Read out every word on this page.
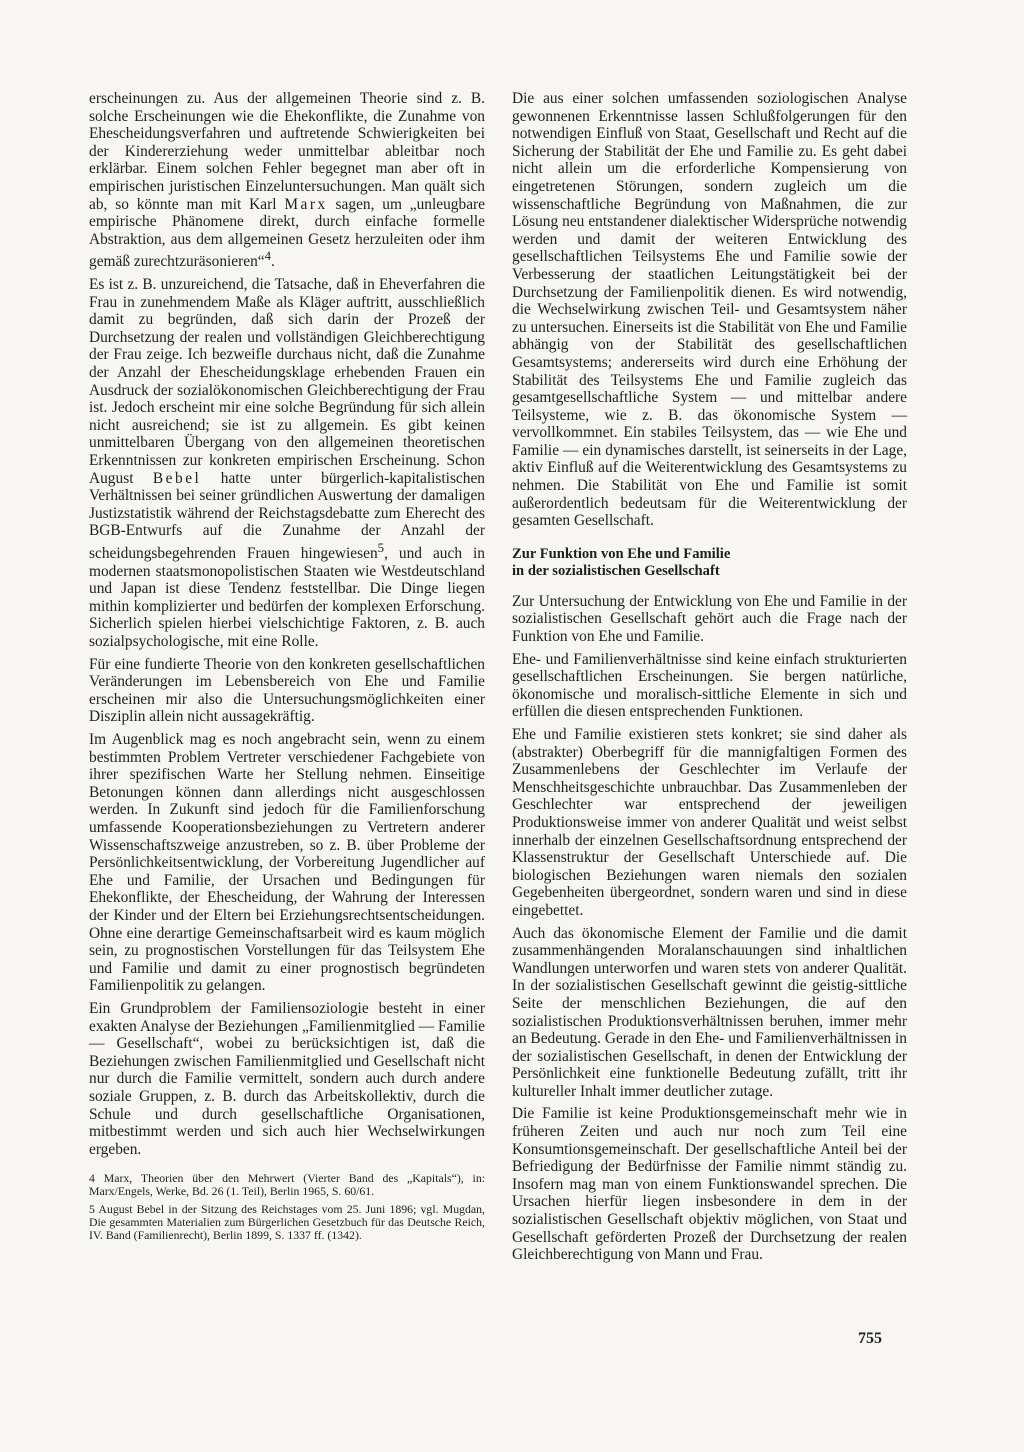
erscheinungen zu. Aus der allgemeinen Theorie sind z. B. solche Erscheinungen wie die Ehekonflikte, die Zunahme von Ehescheidungsverfahren und auftretende Schwierigkeiten bei der Kindererziehung weder unmittelbar ableitbar noch erklärbar. Einem solchen Fehler begegnet man aber oft in empirischen juristischen Einzeluntersuchungen. Man quält sich ab, so könnte man mit Karl Marx sagen, um „unleugbare empirische Phänomene direkt, durch einfache formelle Abstraktion, aus dem allgemeinen Gesetz herzuleiten oder ihm gemäß zurechtzuräsonieren“$^4$.

Es ist z. B. unzureichend, die Tatsache, daß in Eheverfahren die Frau in zunehmendem Maße als Kläger auftritt, ausschließlich damit zu begründen, daß sich darin der Prozeß der Durchsetzung der realen und vollständigen Gleichberechtigung der Frau zeige. Ich bezweifle durchaus nicht, daß die Zunahme der Anzahl der Ehescheidungsklage erhebenden Frauen ein Ausdruck der sozialökonomischen Gleichberechtigung der Frau ist. Jedoch erscheint mir eine solche Begründung für sich allein nicht ausreichend; sie ist zu allgemein. Es gibt keinen unmittelbaren Übergang von den allgemeinen theoretischen Erkenntnissen zur konkreten empirischen Erscheinung. Schon August Bebel hatte unter bürgerlich-kapitalistischen Verhältnissen bei seiner gründlichen Auswertung der damaligen Justizstatistik während der Reichstagsdebatte zum Eherecht des BGB-Entwurfs auf die Zunahme der Anzahl der scheidungsbegehrenden Frauen hingewiesen$^5$, und auch in modernen staatsmonopolistischen Staaten wie Westdeutschland und Japan ist diese Tendenz feststellbar. Die Dinge liegen mithin komplizierter und bedürfen der komplexen Erforschung. Sicherlich spielen hierbei vielschichtige Faktoren, z. B. auch sozialpsychologische, mit eine Rolle.

Für eine fundierte Theorie von den konkreten gesellschaftlichen Veränderungen im Lebensbereich von Ehe und Familie erscheinen mir also die Untersuchungsmöglichkeiten einer Disziplin allein nicht aussagekräftig.

Im Augenblick mag es noch angebracht sein, wenn zu einem bestimmten Problem Vertreter verschiedener Fachgebiete von ihrer spezifischen Warte her Stellung nehmen. Einseitige Betonungen können dann allerdings nicht ausgeschlossen werden. In Zukunft sind jedoch für die Familienforschung umfassende Kooperationsbeziehungen zu Vertretern anderer Wissenschaftszweige anzustreben, so z. B. über Probleme der Persönlichkeitsentwicklung, der Vorbereitung Jugendlicher auf Ehe und Familie, der Ursachen und Bedingungen für Ehekonflikte, der Ehescheidung, der Wahrung der Interessen der Kinder und der Eltern bei Erziehungsrechtsentscheidungen. Ohne eine derartige Gemeinschaftsarbeit wird es kaum möglich sein, zu prognostischen Vorstellungen für das Teilsystem Ehe und Familie und damit zu einer prognostisch begründeten Familienpolitik zu gelangen.

Ein Grundproblem der Familiensoziologie besteht in einer exakten Analyse der Beziehungen „Familienmitglied — Familie — Gesellschaft“, wobei zu berücksichtigen ist, daß die Beziehungen zwischen Familienmitglied und Gesellschaft nicht nur durch die Familie vermittelt, sondern auch durch andere soziale Gruppen, z. B. durch das Arbeitskollektiv, durch die Schule und durch gesellschaftliche Organisationen, mitbestimmt werden und sich auch hier Wechselwirkungen ergeben.

4 Marx, Theorien über den Mehrwert (Vierter Band des „Kapitals“), in: Marx/Engels, Werke, Bd. 26 (1. Teil), Berlin 1965, S. 60/61.

5 August Bebel in der Sitzung des Reichstages vom 25. Juni 1896; vgl. Mugdan, Die gesammten Materialien zum Bürgerlichen Gesetzbuch für das Deutsche Reich, IV. Band (Familienrecht), Berlin 1899, S. 1337 ff. (1342).

Die aus einer solchen umfassenden soziologischen Analyse gewonnenen Erkenntnisse lassen Schlußfolgerungen für den notwendigen Einfluß von Staat, Gesellschaft und Recht auf die Sicherung der Stabilität der Ehe und Familie zu. Es geht dabei nicht allein um die erforderliche Kompensierung von eingetretenen Störungen, sondern zugleich um die wissenschaftliche Begründung von Maßnahmen, die zur Lösung neu entstandener dialektischer Widersprüche notwendig werden und damit der weiteren Entwicklung des gesellschaftlichen Teilsystems Ehe und Familie sowie der Verbesserung der staatlichen Leitungstätigkeit bei der Durchsetzung der Familienpolitik dienen. Es wird notwendig, die Wechselwirkung zwischen Teil- und Gesamtsystem näher zu untersuchen. Einerseits ist die Stabilität von Ehe und Familie abhängig von der Stabilität des gesellschaftlichen Gesamtsystems; andererseits wird durch eine Erhöhung der Stabilität des Teilsystems Ehe und Familie zugleich das gesamtgesellschaftliche System — und mittelbar andere Teilsysteme, wie z. B. das ökonomische System — vervollkommnet. Ein stabiles Teilsystem, das — wie Ehe und Familie — ein dynamisches darstellt, ist seinerseits in der Lage, aktiv Einfluß auf die Weiterentwicklung des Gesamtsystems zu nehmen. Die Stabilität von Ehe und Familie ist somit außerordentlich bedeutsam für die Weiterentwicklung der gesamten Gesellschaft.

Zur Funktion von Ehe und Familie
in der sozialistischen Gesellschaft

Zur Untersuchung der Entwicklung von Ehe und Familie in der sozialistischen Gesellschaft gehört auch die Frage nach der Funktion von Ehe und Familie.

Ehe- und Familienverhältnisse sind keine einfach strukturierten gesellschaftlichen Erscheinungen. Sie bergen natürliche, ökonomische und moralisch-sittliche Elemente in sich und erfüllen die diesen entsprechenden Funktionen.

Ehe und Familie existieren stets konkret; sie sind daher als (abstrakter) Oberbegriff für die mannigfaltigen Formen des Zusammenlebens der Geschlechter im Verlaufe der Menschheitsgeschichte unbrauchbar. Das Zusammenleben der Geschlechter war entsprechend der jeweiligen Produktionsweise immer von anderer Qualität und weist selbst innerhalb der einzelnen Gesellschaftsordnung entsprechend der Klassenstruktur der Gesellschaft Unterschiede auf. Die biologischen Beziehungen waren niemals den sozialen Gegebenheiten übergeordnet, sondern waren und sind in diese eingebettet.

Auch das ökonomische Element der Familie und die damit zusammenhängenden Moralanschauungen sind inhaltlichen Wandlungen unterworfen und waren stets von anderer Qualität. In der sozialistischen Gesellschaft gewinnt die geistig-sittliche Seite der menschlichen Beziehungen, die auf den sozialistischen Produktionsverhältnissen beruhen, immer mehr an Bedeutung. Gerade in den Ehe- und Familienverhältnissen in der sozialistischen Gesellschaft, in denen der Entwicklung der Persönlichkeit eine funktionelle Bedeutung zufällt, tritt ihr kultureller Inhalt immer deutlicher zutage.

Die Familie ist keine Produktionsgemeinschaft mehr wie in früheren Zeiten und auch nur noch zum Teil eine Konsumtionsgemeinschaft. Der gesellschaftliche Anteil bei der Befriedigung der Bedürfnisse der Familie nimmt ständig zu. Insofern mag man von einem Funktionswandel sprechen. Die Ursachen hierfür liegen insbesondere in dem in der sozialistischen Gesellschaft objektiv möglichen, von Staat und Gesellschaft geförderten Prozeß der Durchsetzung der realen Gleichberechtigung von Mann und Frau.

755
